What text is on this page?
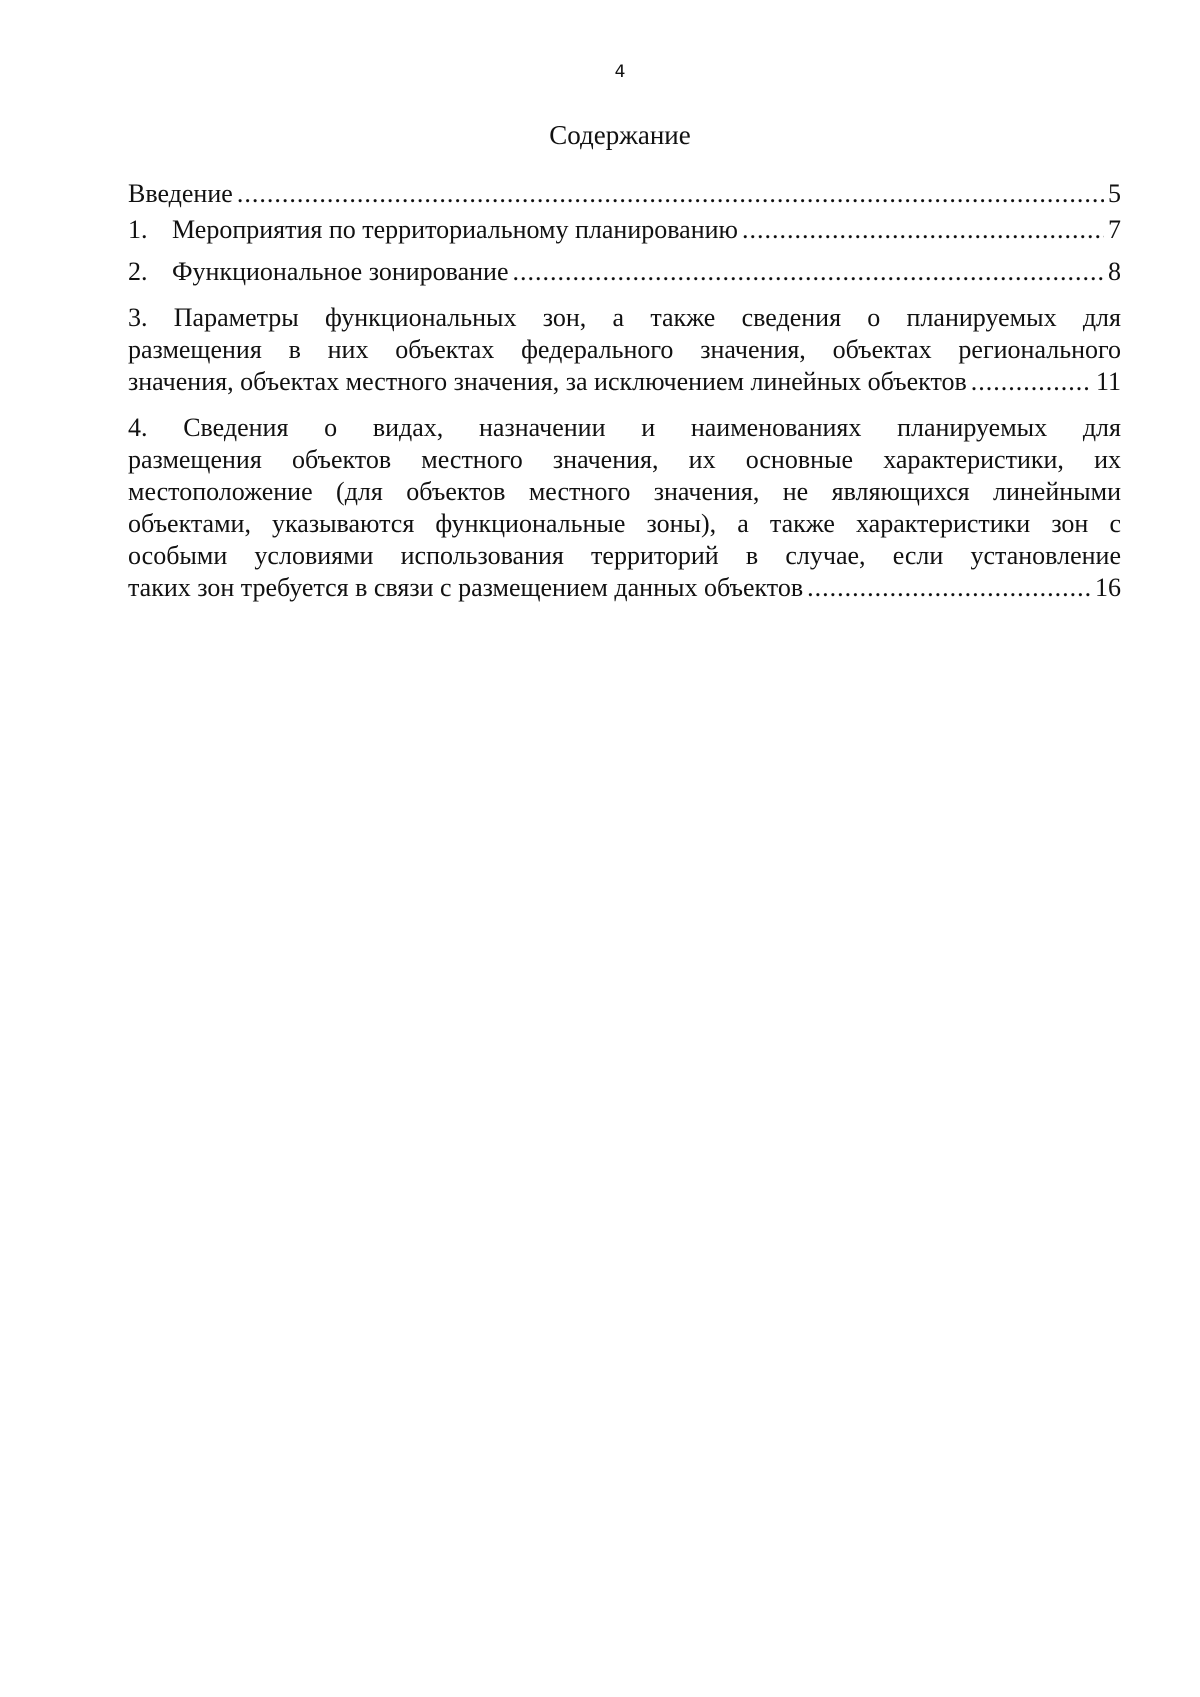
4
Содержание
Введение .....	5
1. Мероприятия по территориальному планированию .....	7
2. Функциональное зонирование .....	8
3. Параметры функциональных зон, а также сведения о планируемых для
размещения в них объектах федерального значения, объектах регионального
значения, объектах местного значения, за исключением линейных объектов .....	11
4. Сведения о видах, назначении и наименованиях планируемых для
размещения объектов местного значения, их основные характеристики, их
местоположение (для объектов местного значения, не являющихся линейными
объектами, указываются функциональные зоны), а также характеристики зон с
особыми условиями использования территорий в случае, если установление
таких зон требуется в связи с размещением данных объектов .....	16
